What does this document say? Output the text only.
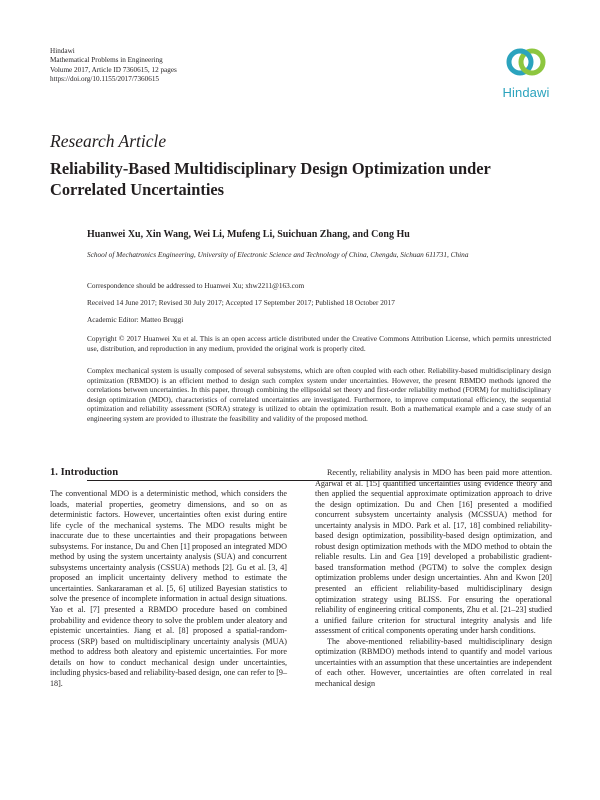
Hindawi
Mathematical Problems in Engineering
Volume 2017, Article ID 7360615, 12 pages
https://doi.org/10.1155/2017/7360615
Hindawi
Research Article
Reliability-Based Multidisciplinary Design Optimization under Correlated Uncertainties
Huanwei Xu, Xin Wang, Wei Li, Mufeng Li, Suichuan Zhang, and Cong Hu
School of Mechatronics Engineering, University of Electronic Science and Technology of China, Chengdu, Sichuan 611731, China
Correspondence should be addressed to Huanwei Xu; xhw2211@163.com
Received 14 June 2017; Revised 30 July 2017; Accepted 17 September 2017; Published 18 October 2017
Academic Editor: Matteo Bruggi
Copyright © 2017 Huanwei Xu et al. This is an open access article distributed under the Creative Commons Attribution License, which permits unrestricted use, distribution, and reproduction in any medium, provided the original work is properly cited.
Complex mechanical system is usually composed of several subsystems, which are often coupled with each other. Reliability-based multidisciplinary design optimization (RBMDO) is an efficient method to design such complex system under uncertainties. However, the present RBMDO methods ignored the correlations between uncertainties. In this paper, through combining the ellipsoidal set theory and first-order reliability method (FORM) for multidisciplinary design optimization (MDO), characteristics of correlated uncertainties are investigated. Furthermore, to improve computational efficiency, the sequential optimization and reliability assessment (SORA) strategy is utilized to obtain the optimization result. Both a mathematical example and a case study of an engineering system are provided to illustrate the feasibility and validity of the proposed method.
1. Introduction

The conventional MDO is a deterministic method, which considers the loads, material properties, geometry dimensions, and so on as deterministic factors. However, uncertainties often exist during entire life cycle of the mechanical systems. The MDO results might be inaccurate due to these uncertainties and their propagations between subsystems. For instance, Du and Chen [1] proposed an integrated MDO method by using the system uncertainty analysis (SUA) and concurrent subsystems uncertainty analysis (CSSUA) methods [2]. Gu et al. [3, 4] proposed an implicit uncertainty delivery method to estimate the uncertainties. Sankararaman et al. [5, 6] utilized Bayesian statistics to solve the presence of incomplete information in actual design situations. Yao et al. [7] presented a RBMDO procedure based on combined probability and evidence theory to solve the problem under aleatory and epistemic uncertainties. Jiang et al. [8] proposed a spatial-random-process (SRP) based on multidisciplinary uncertainty analysis (MUA) method to address both aleatory and epistemic uncertainties. For more details on how to conduct mechanical design under uncertainties, including physics-based and reliability-based design, one can refer to [9–18].

Recently, reliability analysis in MDO has been paid more attention. Agarwal et al. [15] quantified uncertainties using evidence theory and then applied the sequential approximate optimization approach to drive the design optimization. Du and Chen [16] presented a modified concurrent subsystem uncertainty analysis (MCSSUA) method for uncertainty analysis in MDO. Park et al. [17, 18] combined reliability-based design optimization, possibility-based design optimization, and robust design optimization methods with the MDO method to obtain the reliable results. Lin and Gea [19] developed a probabilistic gradient-based transformation method (PGTM) to solve the complex design optimization problems under design uncertainties. Ahn and Kwon [20] presented an efficient reliability-based multidisciplinary design optimization strategy using BLISS. For ensuring the operational reliability of engineering critical components, Zhu et al. [21–23] studied a unified failure criterion for structural integrity analysis and life assessment of critical components operating under harsh conditions.

The above-mentioned reliability-based multidisciplinary design optimization (RBMDO) methods intend to quantify and model various uncertainties with an assumption that these uncertainties are independent of each other. However, uncertainties are often correlated in real mechanical design
